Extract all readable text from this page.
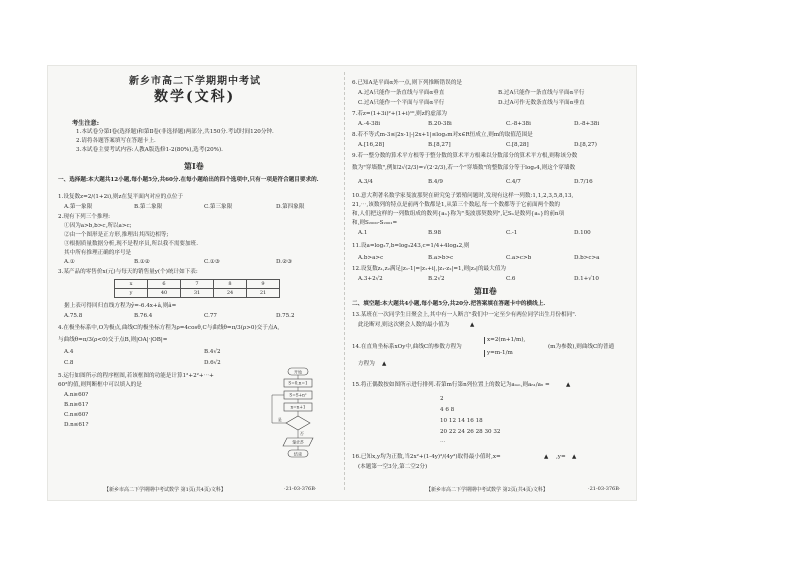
新乡市高二下学期期中考试
数学(文科)
考生注意:
1.本试卷分第Ⅰ卷(选择题)和第Ⅱ卷(非选择题)两部分,共150分.考试时间120分钟.
2.请将各题答案填写在答题卡上.
3.本试卷主要考试内容:人教A版选修1-2(80%),选考(20%).
第Ⅰ卷
一、选择题:本大题共12小题,每小题5分,共60分.在每小题给出的四个选项中,只有一项是符合题目要求的.
1.设复数z=2/(1+2i),则z在复平面内对应的点位于
A.第一象限	B.第二象限	C.第三象限	D.第四象限
2.现有下列三个推理:
①因为a>b,b>c,所以a>c;
②由一个图形是正方形,推理出其四边相等;
③根据质量数据分析,现不是程序员,所以我不需要加班.
其中所有推理正确的序号是
A.①	B.①②	C.①③	D.②③
3.某产品的零售价x(元)与每天的销售量y(个)统计如下表:
x	6	7	8	9
y	40	31	24	21
据上表可得回归直线方程为ŷ=-6.4x+â,则â=
A.75.8	B.76.4	C.77	D.75.2
4.在极坐标系中,O为极点,曲线C的极坐标方程为ρ=4cosθ,C与曲线θ=π/3(ρ>0)交于点A,
与曲线θ=π/3(ρ<0)交于点B,则|OA|·|OB|=
A.4	B.4√2
C.8	D.6√2
5.运行如图所示的程序框图,若该框图的功能是计算1²+2²+⋯+
60²的值,则判断框中可以填入的是
A.n≥60?
B.n≥61?
C.n≤60?
D.n≤61?
开始
S=0,n=1
S=S+n²
n=n+1
是
否
输出S
结束
【新乡市高二下学期期中考试数学 第1页(共4页)文科】	·21-03-376B·
6.已知A是平面α外一点,则下列推断错误的是
A.过A只能作一条直线与平面α垂直	B.过A只能作一条直线与平面α平行
C.过A只能作一个平面与平面α平行	D.过A可作无数条直线与平面α垂直
7.若z=(1+3i)²+(1+i)¹⁰,则z的虚部为
A.-4-38i	B.20-38i	C.-8+38i	D.-8+38i
8.若不等式m-3≤|2x-1|-|2x+1|≤log₂m对x∈R恒成立,则m的取值范围是
A.[16,28]	B.[8,27]	C.[8,28]	D.[8,27)
9.若一整分数的算术平方根等于整分数的算术平方根乘以分数部分的算术平方根,则称该分数
数为"穿墙数",例如2√(2/3)=√(2·2/3),若一个"穿墙数"的整数部分等于log₂4,则这个穿墙数
A.3/4	B.4/9	C.4/7	D.7/16
10.意大利著名数学家斐波那契在研究兔子繁殖问题时,发现有这样一列数:1,1,2,3,5,8,13,
21,⋯,该数列的特点是前两个数都是1,从第三个数起,每一个数都等于它前面两个数的
和,人们把这样的一列数组成的数列{aₙ}称为"斐波那契数列",记Sₙ是数列{aₙ}的前n项
和,则S₂₀₀₀-S₂₀₀₁=
A.1	B.98	C.-1	D.100
11.设a=log₂7,b=log₃243,c=1/4+4log₄2,则
A.b>a>c	B.a>b>c	C.a>c>b	D.b>c>a
12.设复数z₁,z₂满足|z₁-1|=|z₁+i|,|z₁-z₂|=1,则|z₂|的最大值为
A.3+2√2	B.2√2	C.6	D.1+√10
第Ⅱ卷
二、填空题:本大题共4小题,每小题5分,共20分.把答案填在答题卡中的横线上.
13.某班在一次同学生日聚会上,其中有一人断言"我们中一定至少有两位同学出生月份相同".
此论断对,则这次聚会人数的最小值为	▲
14.在直角坐标系xOy中,曲线C的参数方程为
x=2(m+1/m),
y=m-1/m
(m为参数),则曲线C的普通
方程为 ▲
15.将正偶数按如图所示进行排列.若第m行第n列位置上的数记为aₘₙ,则a₆₁/a₆ =	▲
2
4 6 8
10 12 14 16 18
20 22 24 26 28 30 32
⋯
16.已知x,y均为正数,当2x²+(1-4y)²/(4y²)取得最小值时,x=	▲ ,y= ▲
(本题第一空3分,第二空2分)
【新乡市高二下学期期中考试数学 第2页(共4页)文科】	·21-03-376B·
